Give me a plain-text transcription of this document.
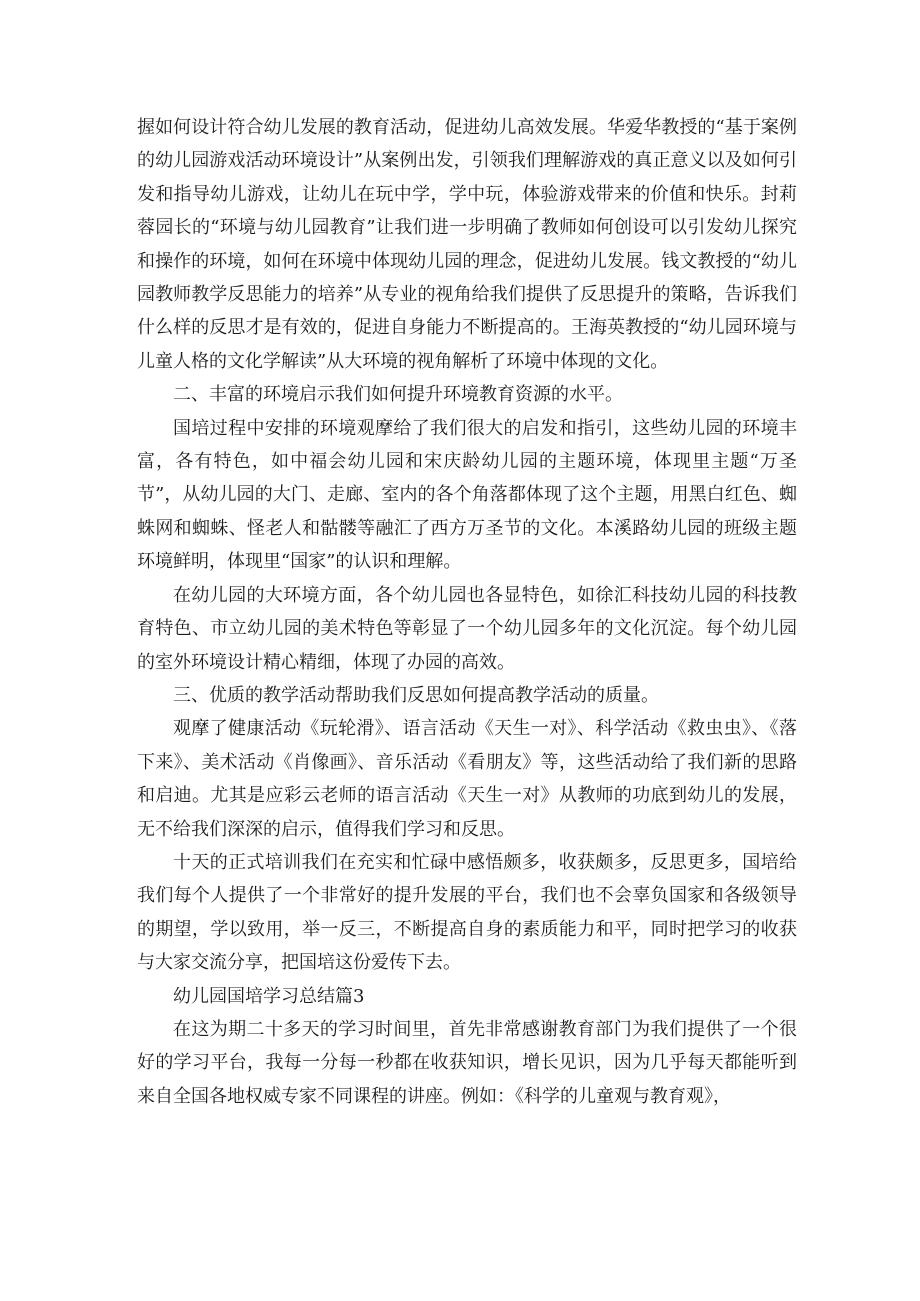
握如何设计符合幼儿发展的教育活动，促进幼儿高效发展。华爱华教授的“基于案例的幼儿园游戏活动环境设计”从案例出发，引领我们理解游戏的真正意义以及如何引发和指导幼儿游戏，让幼儿在玩中学，学中玩，体验游戏带来的价值和快乐。封莉蓉园长的“环境与幼儿园教育”让我们进一步明确了教师如何创设可以引发幼儿探究和操作的环境，如何在环境中体现幼儿园的理念，促进幼儿发展。钱文教授的“幼儿园教师教学反思能力的培养”从专业的视角给我们提供了反思提升的策略，告诉我们什么样的反思才是有效的，促进自身能力不断提高的。王海英教授的“幼儿园环境与儿童人格的文化学解读”从大环境的视角解析了环境中体现的文化。

二、丰富的环境启示我们如何提升环境教育资源的水平。

国培过程中安排的环境观摩给了我们很大的启发和指引，这些幼儿园的环境丰富，各有特色，如中福会幼儿园和宋庆龄幼儿园的主题环境，体现里主题“万圣节”，从幼儿园的大门、走廊、室内的各个角落都体现了这个主题，用黑白红色、蜘蛛网和蜘蛛、怪老人和骷髅等融汇了西方万圣节的文化。本溪路幼儿园的班级主题环境鲜明，体现里“国家”的认识和理解。

在幼儿园的大环境方面，各个幼儿园也各显特色，如徐汇科技幼儿园的科技教育特色、市立幼儿园的美术特色等彰显了一个幼儿园多年的文化沉淀。每个幼儿园的室外环境设计精心精细，体现了办园的高效。

三、优质的教学活动帮助我们反思如何提高教学活动的质量。

观摩了健康活动《玩轮滑》、语言活动《天生一对》、科学活动《救虫虫》、《落下来》、美术活动《肖像画》、音乐活动《看朋友》等，这些活动给了我们新的思路和启迪。尤其是应彩云老师的语言活动《天生一对》从教师的功底到幼儿的发展，无不给我们深深的启示，值得我们学习和反思。

十天的正式培训我们在充实和忙碌中感悟颇多，收获颇多，反思更多，国培给我们每个人提供了一个非常好的提升发展的平台，我们也不会辜负国家和各级领导的期望，学以致用，举一反三，不断提高自身的素质能力和平，同时把学习的收获与大家交流分享，把国培这份爱传下去。

幼儿园国培学习总结篇3

在这为期二十多天的学习时间里，首先非常感谢教育部门为我们提供了一个很好的学习平台，我每一分每一秒都在收获知识，增长见识，因为几乎每天都能听到来自全国各地权威专家不同课程的讲座。例如：《科学的儿童观与教育观》，
